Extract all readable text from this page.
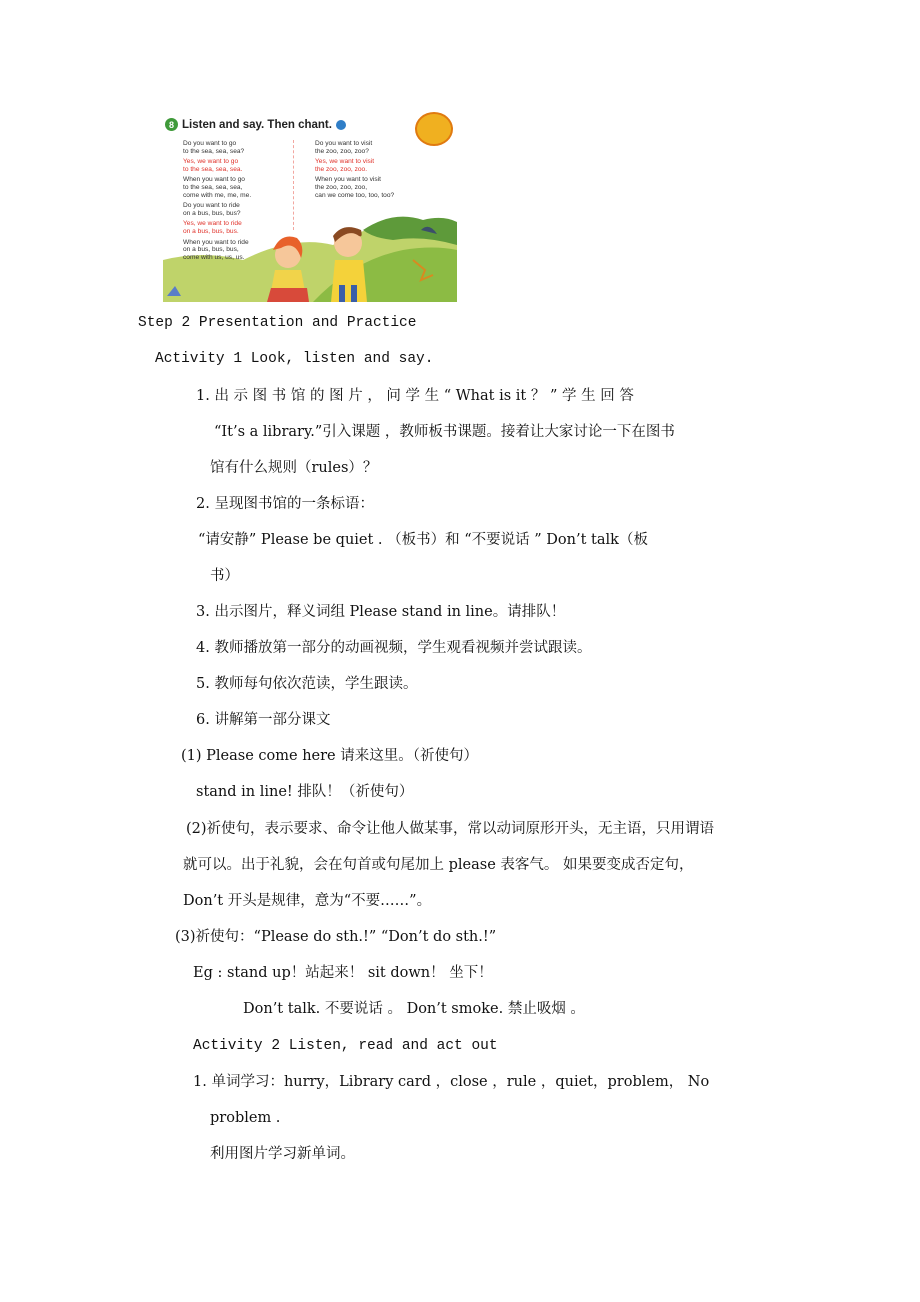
8 Listen and say. Then chant.
Do you want to go
to the sea, sea, sea?
Yes, we want to go
to the sea, sea, sea.
When you want to go
to the sea, sea, sea,
come with me, me, me.
Do you want to ride
on a bus, bus, bus?
Yes, we want to ride
on a bus, bus, bus.
When you want to ride
on a bus, bus, bus,
come with us, us, us.
Do you want to visit
the zoo, zoo, zoo?
Yes, we want to visit
the zoo, zoo, zoo.
When you want to visit
the zoo, zoo, zoo,
can we come too, too, too?
Step 2 Presentation and Practice
Activity 1 Look, listen and say.
1. 出 示 图 书 馆 的 图 片 ， 问 学 生 “ What is it ？ ” 学 生 回 答
“It’s a library.”引入课题 ，教师板书课题。接着让大家讨论一下在图书
馆有什么规则（rules）？
2. 呈现图书馆的一条标语：
“请安静” Please be quiet . （板书）和 “不要说话 ” Don’t talk（板
书）
3. 出示图片，释义词组 Please stand in line。请排队！
4. 教师播放第一部分的动画视频，学生观看视频并尝试跟读。
5. 教师每句依次范读，学生跟读。
6. 讲解第一部分课文
(1) Please come here 请来这里。（祈使句）
stand in line! 排队！（祈使句）
(2)祈使句，表示要求、命令让他人做某事，常以动词原形开头，无主语，只用谓语
就可以。出于礼貌，会在句首或句尾加上 please 表客气。 如果要变成否定句，
Don’t 开头是规律，意为“不要……”。
(3)祈使句：“Please do sth.!” “Don’t do sth.!”
Eg : stand up！站起来！ sit down！ 坐下！
Don’t talk. 不要说话 。 Don’t smoke. 禁止吸烟 。
Activity 2 Listen, read and act out
1. 单词学习：hurry，Library card ，close ，rule ，quiet，problem， No
problem .
利用图片学习新单词。
